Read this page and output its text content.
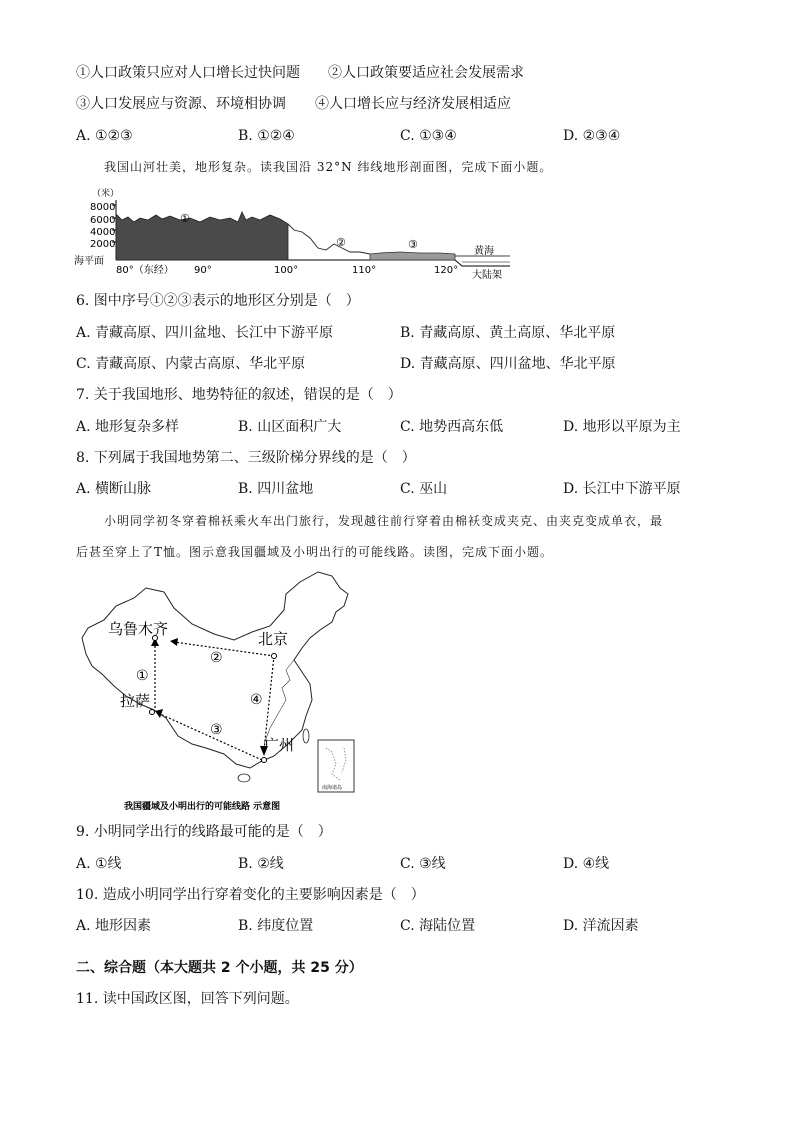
①人口政策只应对人口增长过快问题 ②人口政策要适应社会发展需求
③人口发展应与资源、环境相协调 ④人口增长应与经济发展相适应
A. ①②③	B. ①②④	C. ①③④	D. ②③④
我国山河壮美，地形复杂。读我国沿 32°N 纬线地形剖面图，完成下面小题。
（米）
8000
6000
4000
2000
海平面
黄海
大陆架
①
②	③
80°（东经） 90°	100°	110°	120°
6. 图中序号①②③表示的地形区分别是（　）
A. 青藏高原、四川盆地、长江中下游平原	B. 青藏高原、黄土高原、华北平原
C. 青藏高原、内蒙古高原、华北平原	D. 青藏高原、四川盆地、华北平原
7. 关于我国地形、地势特征的叙述，错误的是（　）
A. 地形复杂多样	B. 山区面积广大	C. 地势西高东低	D. 地形以平原为主
8. 下列属于我国地势第二、三级阶梯分界线的是（　）
A. 横断山脉	B. 四川盆地	C. 巫山	D. 长江中下游平原
小明同学初冬穿着棉袄乘火车出门旅行，发现越往前行穿着由棉袄变成夹克、由夹克变成单衣，最
后甚至穿上了T恤。图示意我国疆域及小明出行的可能线路。读图，完成下面小题。
乌鲁木齐
北京
拉萨
广州
①
②
③
④
南海诸岛
我国疆域及小明出行的可能线路 示意图
9. 小明同学出行的线路最可能的是（　）
A. ①线	B. ②线	C. ③线	D. ④线
10. 造成小明同学出行穿着变化的主要影响因素是（　）
A. 地形因素	B. 纬度位置	C. 海陆位置	D. 洋流因素
二、综合题（本大题共 2 个小题，共 25 分）
11. 读中国政区图，回答下列问题。
